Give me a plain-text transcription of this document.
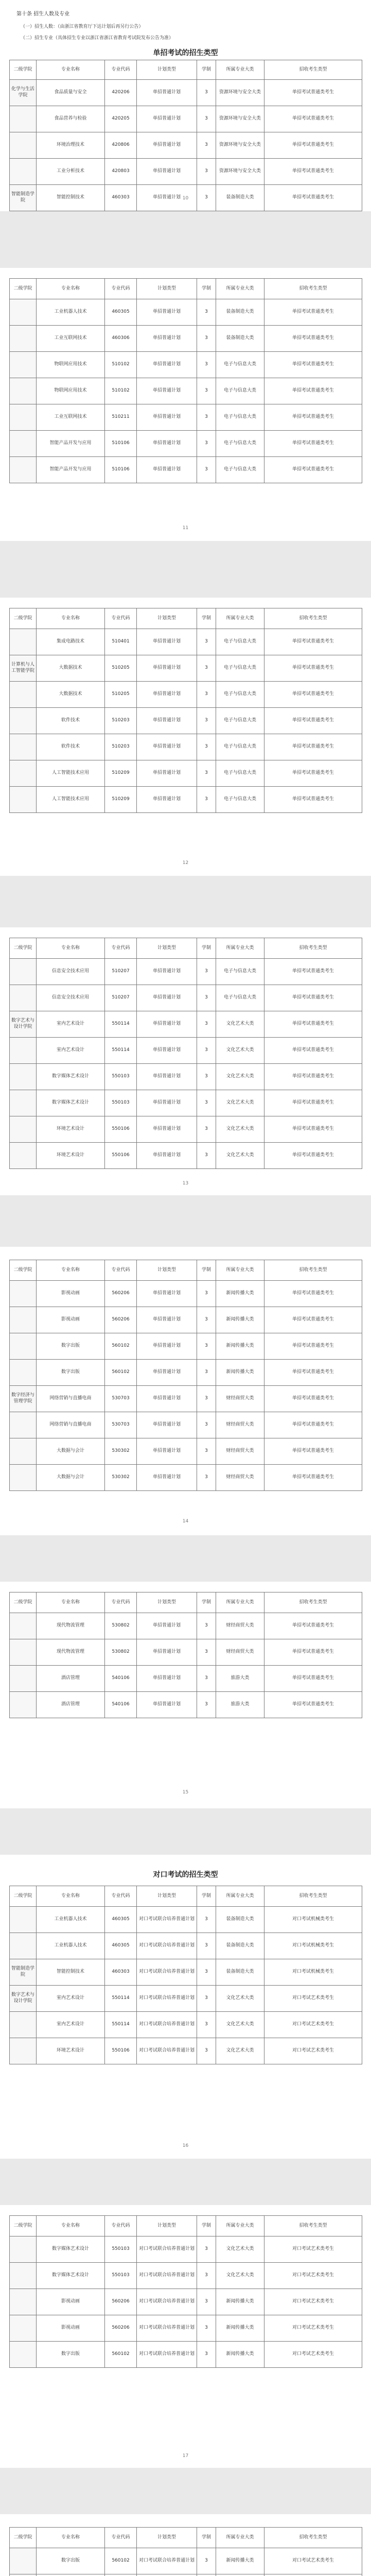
第十条 招生人数及专业
（一）招生人数：（由浙江省教育厅下达计划后再另行公告）
（二）招生专业（具体招生专业以浙江省浙江省教育考试院发布公告为准）
单招考试的招生类型
10
11
12
13
14
15
对口考试的招生类型
16
17
二级学院	专业名称	专业代码	计划类型	学制	所属专业大类	招收考生类型
化学与生活学院	食品质量与安全	420206	单招普通计划	3	资源环境与安全大类	单招考试普通类考生
	食品营养与检验	420205	单招普通计划	3	资源环境与安全大类	单招考试普通类考生
	环境治理技术	420806	单招普通计划	3	资源环境与安全大类	单招考试普通类考生
	工业分析技术	420803	单招普通计划	3	资源环境与安全大类	单招考试普通类考生
智能制造学院	智能控制技术	460303	单招普通计划	3	装备制造大类	单招考试普通类考生
二级学院	专业名称	专业代码	计划类型	学制	所属专业大类	招收考生类型
	工业机器人技术	460305	单招普通计划	3	装备制造大类	单招考试普通类考生
	工业互联网技术	460306	单招普通计划	3	装备制造大类	单招考试普通类考生
	物联网应用技术	510102	单招普通计划	3	电子与信息大类	单招考试普通类考生
	物联网应用技术	510102	单招普通计划	3	电子与信息大类	单招考试普通类考生
	工业互联网技术	510211	单招普通计划	3	电子与信息大类	单招考试普通类考生
	智能产品开发与应用	510106	单招普通计划	3	电子与信息大类	单招考试普通类考生
	智能产品开发与应用	510106	单招普通计划	3	电子与信息大类	单招考试普通类考生
二级学院	专业名称	专业代码	计划类型	学制	所属专业大类	招收考生类型
	集成电路技术	510401	单招普通计划	3	电子与信息大类	单招考试普通类考生
计算机与人工智能学院	大数据技术	510205	单招普通计划	3	电子与信息大类	单招考试普通类考生
	大数据技术	510205	单招普通计划	3	电子与信息大类	单招考试普通类考生
	软件技术	510203	单招普通计划	3	电子与信息大类	单招考试普通类考生
	软件技术	510203	单招普通计划	3	电子与信息大类	单招考试普通类考生
	人工智能技术应用	510209	单招普通计划	3	电子与信息大类	单招考试普通类考生
	人工智能技术应用	510209	单招普通计划	3	电子与信息大类	单招考试普通类考生
二级学院	专业名称	专业代码	计划类型	学制	所属专业大类	招收考生类型
	信息安全技术应用	510207	单招普通计划	3	电子与信息大类	单招考试普通类考生
	信息安全技术应用	510207	单招普通计划	3	电子与信息大类	单招考试普通类考生
数字艺术与设计学院	室内艺术设计	550114	单招普通计划	3	文化艺术大类	单招考试普通类考生
	室内艺术设计	550114	单招普通计划	3	文化艺术大类	单招考试普通类考生
	数字媒体艺术设计	550103	单招普通计划	3	文化艺术大类	单招考试普通类考生
	数字媒体艺术设计	550103	单招普通计划	3	文化艺术大类	单招考试普通类考生
	环境艺术设计	550106	单招普通计划	3	文化艺术大类	单招考试普通类考生
	环境艺术设计	550106	单招普通计划	3	文化艺术大类	单招考试普通类考生
二级学院	专业名称	专业代码	计划类型	学制	所属专业大类	招收考生类型
	影视动画	560206	单招普通计划	3	新闻传播大类	单招考试普通类考生
	影视动画	560206	单招普通计划	3	新闻传播大类	单招考试普通类考生
	数字出版	560102	单招普通计划	3	新闻传播大类	单招考试普通类考生
	数字出版	560102	单招普通计划	3	新闻传播大类	单招考试普通类考生
数字经济与管理学院	网络营销与直播电商	530703	单招普通计划	3	财经商贸大类	单招考试普通类考生
	网络营销与直播电商	530703	单招普通计划	3	财经商贸大类	单招考试普通类考生
	大数据与会计	530302	单招普通计划	3	财经商贸大类	单招考试普通类考生
	大数据与会计	530302	单招普通计划	3	财经商贸大类	单招考试普通类考生
二级学院	专业名称	专业代码	计划类型	学制	所属专业大类	招收考生类型
	现代物流管理	530802	单招普通计划	3	财经商贸大类	单招考试普通类考生
	现代物流管理	530802	单招普通计划	3	财经商贸大类	单招考试普通类考生
	酒店管理	540106	单招普通计划	3	旅游大类	单招考试普通类考生
	酒店管理	540106	单招普通计划	3	旅游大类	单招考试普通类考生
二级学院	专业名称	专业代码	计划类型	学制	所属专业大类	招收考生类型
	工业机器人技术	460305	对口考试联合培养普通计划	3	装备制造大类	对口考试机械类考生
	工业机器人技术	460305	对口考试联合培养普通计划	3	装备制造大类	对口考试机械类考生
智能制造学院	智能控制技术	460303	对口考试联合培养普通计划	3	装备制造大类	对口考试机械类考生
数字艺术与设计学院	室内艺术设计	550114	对口考试联合培养普通计划	3	文化艺术大类	对口考试艺术类考生
	室内艺术设计	550114	对口考试联合培养普通计划	3	文化艺术大类	对口考试艺术类考生
	环境艺术设计	550106	对口考试联合培养普通计划	3	文化艺术大类	对口考试艺术类考生
二级学院	专业名称	专业代码	计划类型	学制	所属专业大类	招收考生类型
	数字媒体艺术设计	550103	对口考试联合培养普通计划	3	文化艺术大类	对口考试艺术类考生
	数字媒体艺术设计	550103	对口考试联合培养普通计划	3	文化艺术大类	对口考试艺术类考生
	影视动画	560206	对口考试联合培养普通计划	3	新闻传播大类	对口考试艺术类考生
	影视动画	560206	对口考试联合培养普通计划	3	新闻传播大类	对口考试艺术类考生
	数字出版	560102	对口考试联合培养普通计划	3	新闻传播大类	对口考试艺术类考生
二级学院	专业名称	专业代码	计划类型	学制	所属专业大类	招收考生类型
	数字出版	560102	对口考试联合培养普通计划	3	新闻传播大类	对口考试艺术类考生
